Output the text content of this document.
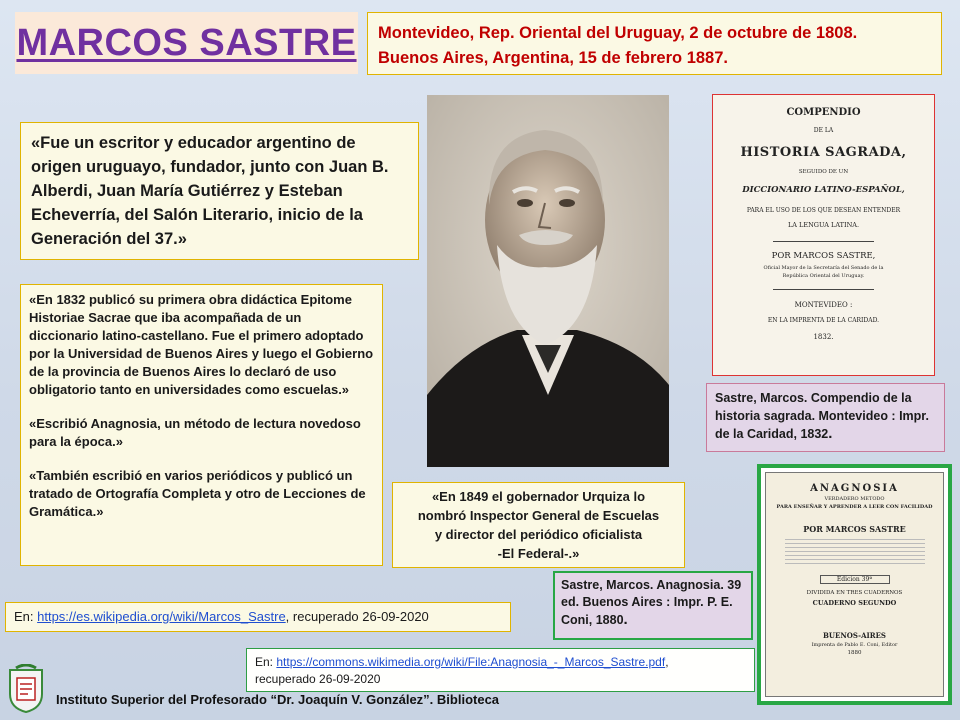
MARCOS SASTRE Montevideo, Rep. Oriental del Uruguay, 2 de octubre de 1808.
Buenos Aires, Argentina, 15 de febrero 1887.

«Fue un escritor y educador argentino de origen uruguayo, fundador, junto con Juan B. Alberdi, Juan María Gutiérrez y Esteban Echeverría, del Salón Literario, inicio de la Generación del 37.»

«En 1832 publicó su primera obra didáctica Epitome Historiae Sacrae que iba acompañada de un diccionario latino-castellano. Fue el primero adoptado por la Universidad de Buenos Aires y luego el Gobierno de la provincia de Buenos Aires lo declaró de uso obligatorio tanto en universidades como escuelas.»

«Escribió Anagnosia, un método de lectura novedoso para la época.»

«También escribió en varios periódicos y publicó un tratado de Ortografía Completa y otro de Lecciones de Gramática.»

«En 1849 el gobernador Urquiza lo
nombró Inspector General de Escuelas
y director del periódico oficialista
-El Federal-.»
COMPENDIO
DE LA
HISTORIA SAGRADA,
SEGUIDO DE UN
DICCIONARIO LATINO-ESPAÑOL,
PARA EL USO DE LOS QUE DESEAN ENTENDER
LA LENGUA LATINA.
POR MARCOS SASTRE,
Oficial Mayor de la Secretaría del Senado de la
República Oriental del Uruguay.
MONTEVIDEO :
EN LA IMPRENTA DE LA CARIDAD.
1832.
Sastre, Marcos. Compendio de la historia sagrada. Montevideo : Impr. de la Caridad, 1832.
ANAGNOSIA
VERDADERO METODO
PARA ENSEÑAR Y APRENDER A LEER CON FACILIDAD
POR MARCOS SASTRE
Edicion 39ª
DIVIDIDA EN TRES CUADERNOS
CUADERNO SEGUNDO
BUENOS-AIRES
Imprenta de Pablo E. Coni, Editor
1880
Sastre, Marcos. Anagnosia. 39 ed. Buenos Aires : Impr. P. E. Coni, 1880.
En: https://es.wikipedia.org/wiki/Marcos_Sastre, recuperado 26-09-2020
En: https://commons.wikimedia.org/wiki/File:Anagnosia_-_Marcos_Sastre.pdf,
recuperado 26-09-2020
Instituto Superior del Profesorado “Dr. Joaquín V. González”. Biblioteca
